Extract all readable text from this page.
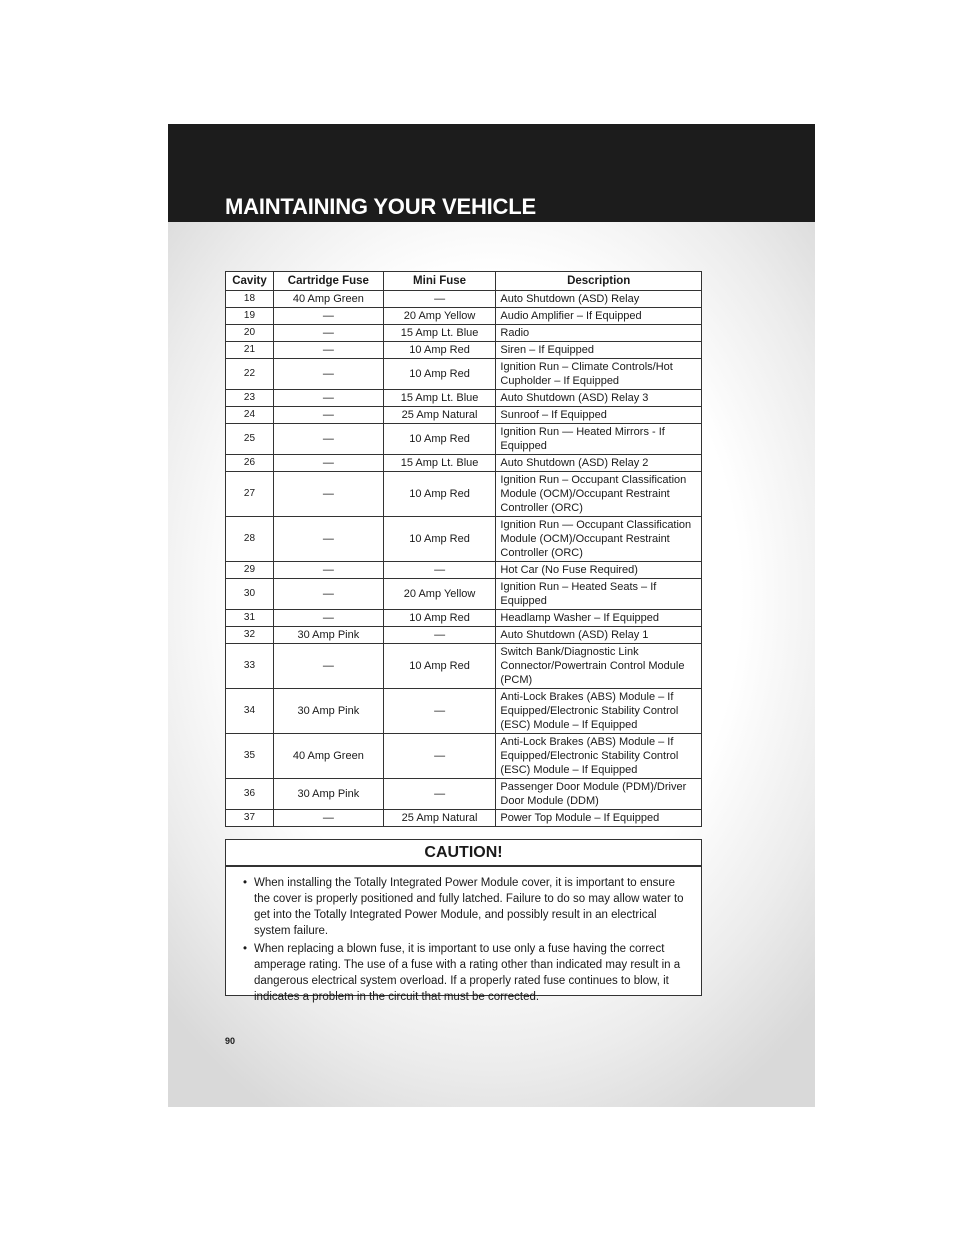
MAINTAINING YOUR VEHICLE
Cavity	Cartridge Fuse	Mini Fuse	Description
18	40 Amp Green	—	Auto Shutdown (ASD) Relay
19	—	20 Amp Yellow	Audio Amplifier – If Equipped
20	—	15 Amp Lt. Blue	Radio
21	—	10 Amp Red	Siren – If Equipped
22	—	10 Amp Red	Ignition Run – Climate Controls/Hot Cupholder – If Equipped
23	—	15 Amp Lt. Blue	Auto Shutdown (ASD) Relay 3
24	—	25 Amp Natural	Sunroof – If Equipped
25	—	10 Amp Red	Ignition Run — Heated Mirrors - If Equipped
26	—	15 Amp Lt. Blue	Auto Shutdown (ASD) Relay 2
27	—	10 Amp Red	Ignition Run – Occupant Classification Module (OCM)/Occupant Restraint Controller (ORC)
28	—	10 Amp Red	Ignition Run — Occupant Classification Module (OCM)/Occupant Restraint Controller (ORC)
29	—	—	Hot Car (No Fuse Required)
30	—	20 Amp Yellow	Ignition Run – Heated Seats – If Equipped
31	—	10 Amp Red	Headlamp Washer – If Equipped
32	30 Amp Pink	—	Auto Shutdown (ASD) Relay 1
33	—	10 Amp Red	Switch Bank/Diagnostic Link Connector/Powertrain Control Module (PCM)
34	30 Amp Pink	—	Anti-Lock Brakes (ABS) Module – If Equipped/Electronic Stability Control (ESC) Module – If Equipped
35	40 Amp Green	—	Anti-Lock Brakes (ABS) Module – If Equipped/Electronic Stability Control (ESC) Module – If Equipped
36	30 Amp Pink	—	Passenger Door Module (PDM)/Driver Door Module (DDM)
37	—	25 Amp Natural	Power Top Module – If Equipped
CAUTION!
• When installing the Totally Integrated Power Module cover, it is important to ensure the cover is properly positioned and fully latched. Failure to do so may allow water to get into the Totally Integrated Power Module, and possibly result in an electrical system failure.
• When replacing a blown fuse, it is important to use only a fuse having the correct amperage rating. The use of a fuse with a rating other than indicated may result in a dangerous electrical system overload. If a properly rated fuse continues to blow, it indicates a problem in the circuit that must be corrected.
90
